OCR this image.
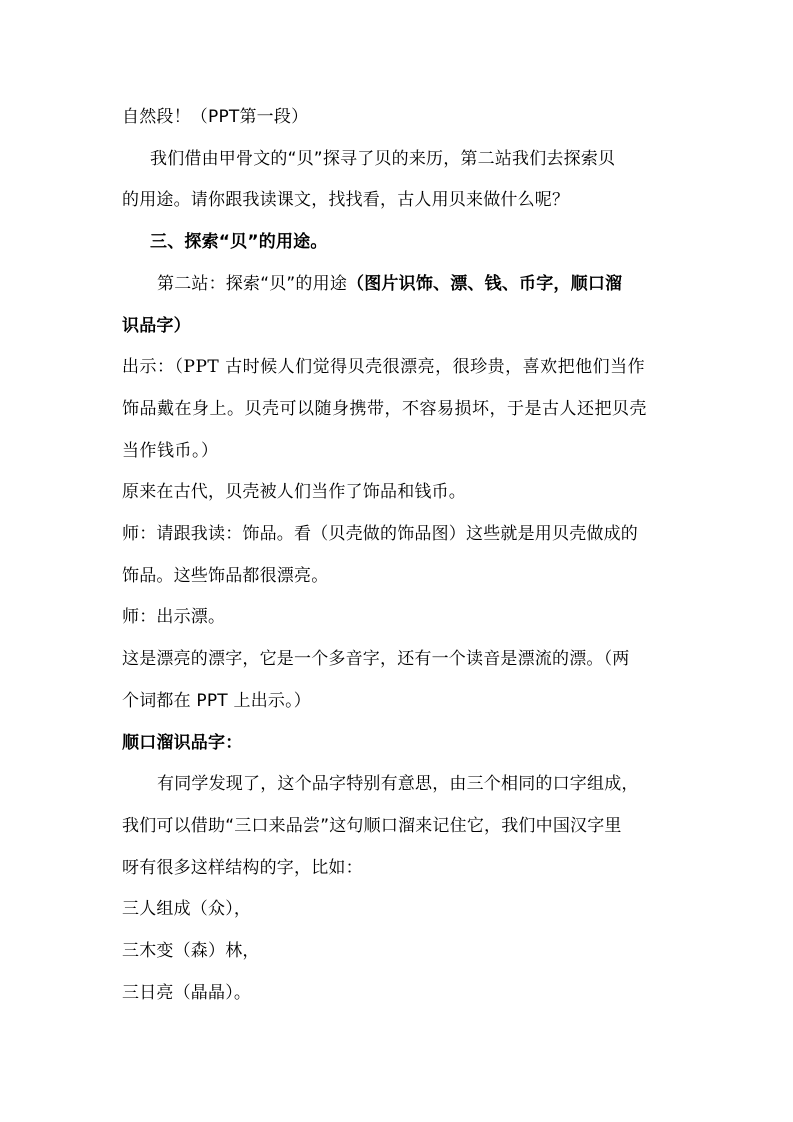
自然段！（PPT第一段）
我们借由甲骨文的“贝”探寻了贝的来历，第二站我们去探索贝
的用途。请你跟我读课文，找找看，古人用贝来做什么呢？
三、探索“贝”的用途。
第二站：探索“贝”的用途（图片识饰、漂、钱、币字，顺口溜
识品字）
出示：（PPT 古时候人们觉得贝壳很漂亮，很珍贵，喜欢把他们当作
饰品戴在身上。贝壳可以随身携带，不容易损坏，于是古人还把贝壳
当作钱币。）
原来在古代，贝壳被人们当作了饰品和钱币。
师：请跟我读：饰品。看（贝壳做的饰品图）这些就是用贝壳做成的
饰品。这些饰品都很漂亮。
师：出示漂。
这是漂亮的漂字，它是一个多音字，还有一个读音是漂流的漂。（两
个词都在 PPT 上出示。）
顺口溜识品字：
有同学发现了，这个品字特别有意思，由三个相同的口字组成，
我们可以借助“三口来品尝”这句顺口溜来记住它，我们中国汉字里
呀有很多这样结构的字，比如：
三人组成（众），
三木变（森）林，
三日亮（晶晶）。
